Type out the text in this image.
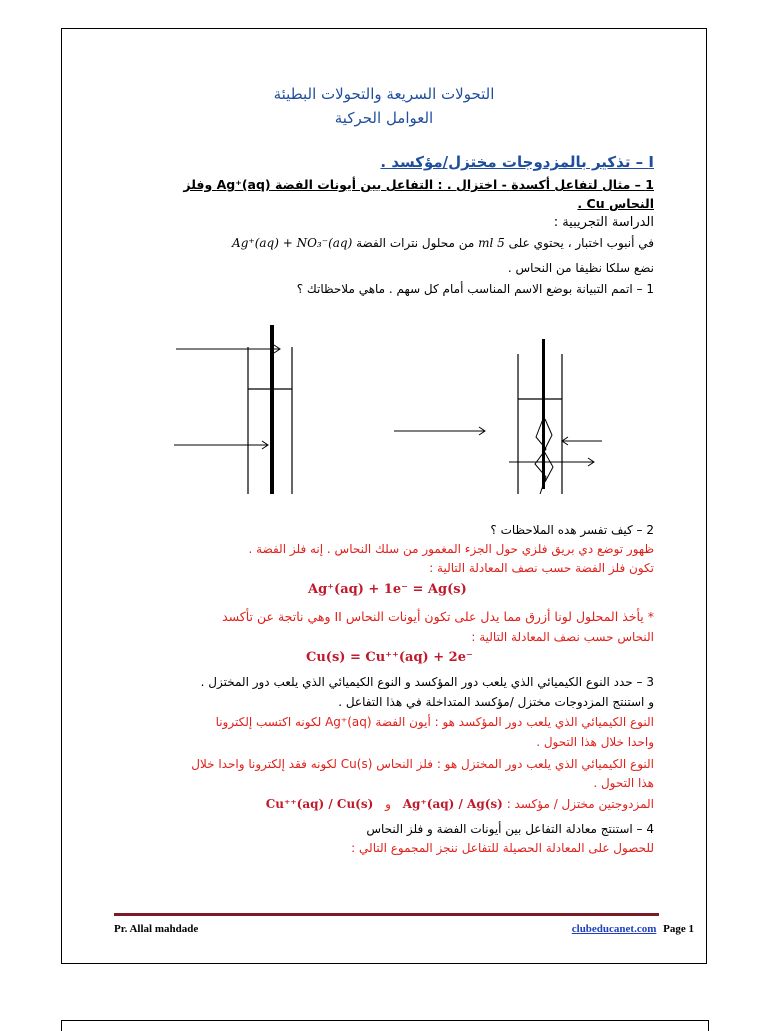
التحولات السريعة والتحولات البطيئة
العوامل الحركية
I – تذكير بالمزدوجات مختزل/مؤكسد .
1 – مثال لتفاعل أكسدة - اختزال . : التفاعل بين أيونات الفضة Ag⁺(aq) وفلز
النحاس Cu .
الدراسة التجريبية :
في أنبوب اختبار ، يحتوي على 5 ml من محلول نترات الفضة Ag⁺(aq) + NO₃⁻(aq)
نضع سلكا نظيفا من النحاس .
1 – اتمم التبيانة بوضع الاسم المناسب أمام كل سهم . ماهي ملاحظاتك ؟
2 – كيف تفسر هده الملاحظات ؟
ظهور توضع دي بريق فلزي حول الجزء المغمور من سلك النحاس . إنه فلز الفضة .
تكون فلز الفضة حسب نصف المعادلة التالية :
Ag⁺(aq) + 1e⁻ = Ag(s)
* يأخذ المحلول لونا أزرق مما يدل على تكون أيونات النحاس II وهي ناتجة عن تأكسد
النحاس حسب نصف المعادلة التالية :
Cu(s) = Cu⁺⁺(aq) + 2e⁻
3 – حدد النوع الكيميائي الذي يلعب دور المؤكسد و النوع الكيميائي الذي يلعب دور المختزل .
و استنتج المزدوجات مختزل /مؤكسد المتداخلة في هذا التفاعل .
النوع الكيميائي الذي يلعب دور المؤكسد هو : أيون الفضة Ag⁺(aq) لكونه اكتسب إلكترونا
واحدا خلال هذا التحول .
النوع الكيميائي الذي يلعب دور المختزل هو : فلز النحاس Cu(s) لكونه فقد إلكترونا واحدا خلال
هذا التحول .
المزدوجتين مختزل / مؤكسد : Ag⁺(aq) / Ag(s) و Cu⁺⁺(aq) / Cu(s)
4 – استنتج معادلة التفاعل بين أيونات الفضة و فلز النحاس
للحصول على المعادلة الحصيلة للتفاعل ننجز المجموع التالي :
Pr. Allal mahdade	clubeducanet.com Page 1
